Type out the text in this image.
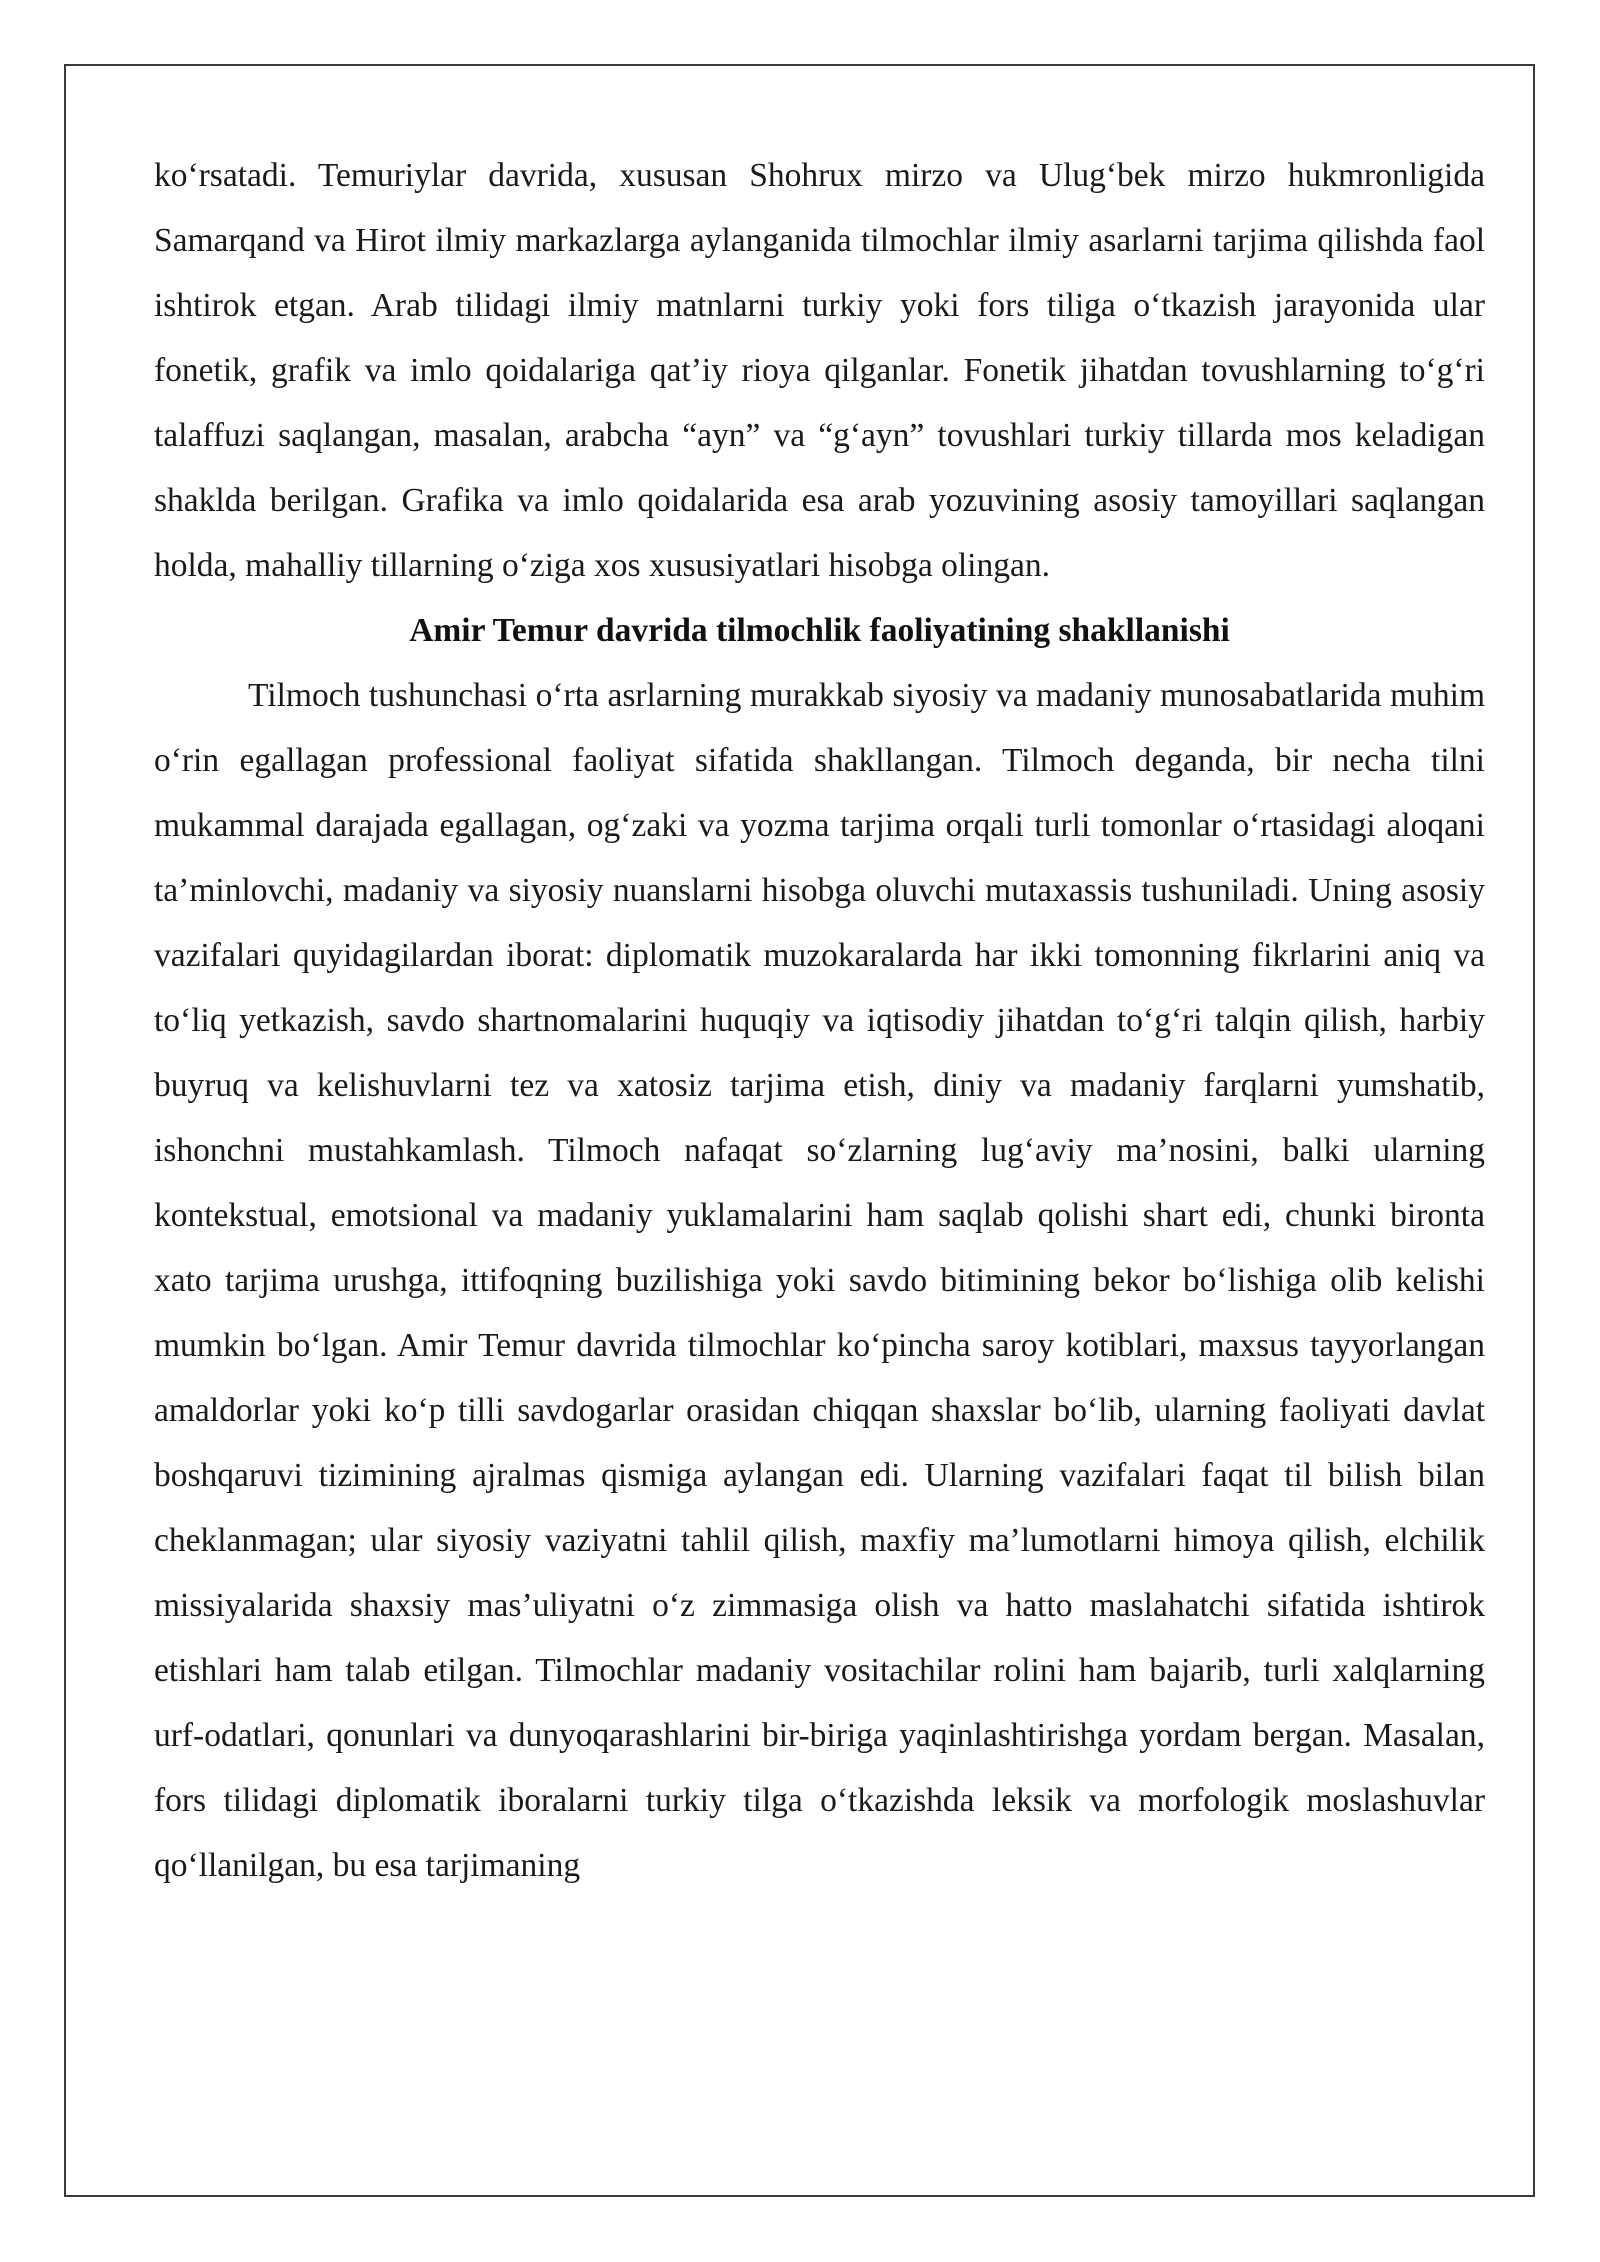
ko‘rsatadi. Temuriylar davrida, xususan Shohrux mirzo va Ulug‘bek mirzo hukmronligida Samarqand va Hirot ilmiy markazlarga aylanganida tilmochlar ilmiy asarlarni tarjima qilishda faol ishtirok etgan. Arab tilidagi ilmiy matnlarni turkiy yoki fors tiliga o‘tkazish jarayonida ular fonetik, grafik va imlo qoidalariga qat’iy rioya qilganlar. Fonetik jihatdan tovushlarning to‘g‘ri talaffuzi saqlangan, masalan, arabcha “ayn” va “g‘ayn” tovushlari turkiy tillarda mos keladigan shaklda berilgan. Grafika va imlo qoidalarida esa arab yozuvining asosiy tamoyillari saqlangan holda, mahalliy tillarning o‘ziga xos xususiyatlari hisobga olingan.

Amir Temur davrida tilmochlik faoliyatining shakllanishi

Tilmoch tushunchasi o‘rta asrlarning murakkab siyosiy va madaniy munosabatlarida muhim o‘rin egallagan professional faoliyat sifatida shakllangan. Tilmoch deganda, bir necha tilni mukammal darajada egallagan, og‘zaki va yozma tarjima orqali turli tomonlar o‘rtasidagi aloqani ta’minlovchi, madaniy va siyosiy nuanslarni hisobga oluvchi mutaxassis tushuniladi. Uning asosiy vazifalari quyidagilardan iborat: diplomatik muzokaralarda har ikki tomonning fikrlarini aniq va to‘liq yetkazish, savdo shartnomalarini huquqiy va iqtisodiy jihatdan to‘g‘ri talqin qilish, harbiy buyruq va kelishuvlarni tez va xatosiz tarjima etish, diniy va madaniy farqlarni yumshatib, ishonchni mustahkamlash. Tilmoch nafaqat so‘zlarning lug‘aviy ma’nosini, balki ularning kontekstual, emotsional va madaniy yuklamalarini ham saqlab qolishi shart edi, chunki bironta xato tarjima urushga, ittifoqning buzilishiga yoki savdo bitimining bekor bo‘lishiga olib kelishi mumkin bo‘lgan. Amir Temur davrida tilmochlar ko‘pincha saroy kotiblari, maxsus tayyorlangan amaldorlar yoki ko‘p tilli savdogarlar orasidan chiqqan shaxslar bo‘lib, ularning faoliyati davlat boshqaruvi tizimining ajralmas qismiga aylangan edi. Ularning vazifalari faqat til bilish bilan cheklanmagan; ular siyosiy vaziyatni tahlil qilish, maxfiy ma’lumotlarni himoya qilish, elchilik missiyalarida shaxsiy mas’uliyatni o‘z zimmasiga olish va hatto maslahatchi sifatida ishtirok etishlari ham talab etilgan. Tilmochlar madaniy vositachilar rolini ham bajarib, turli xalqlarning urf-odatlari, qonunlari va dunyoqarashlarini bir-biriga yaqinlashtirishga yordam bergan. Masalan, fors tilidagi diplomatik iboralarni turkiy tilga o‘tkazishda leksik va morfologik moslashuvlar qo‘llanilgan, bu esa tarjimaning
